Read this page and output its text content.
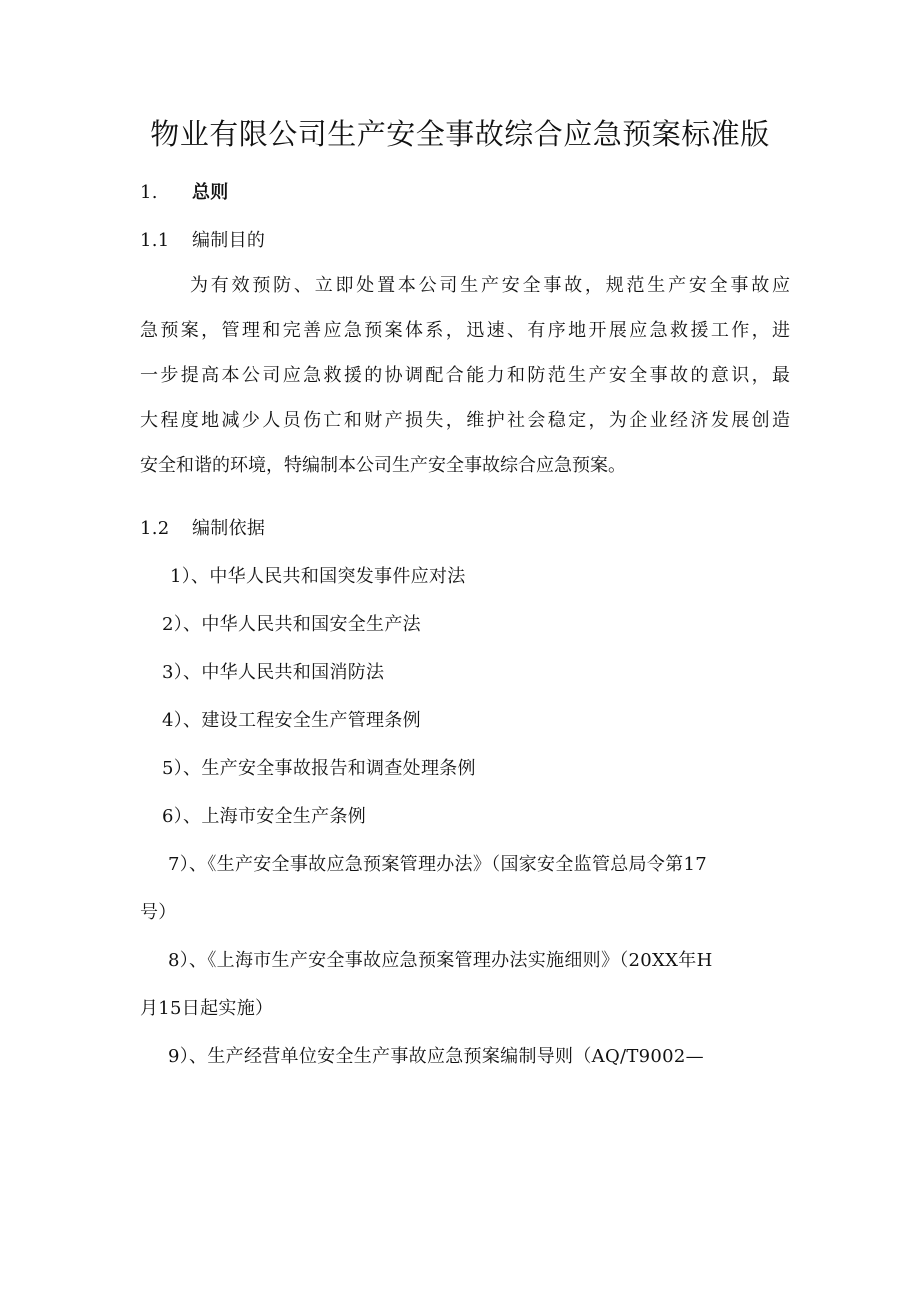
物业有限公司生产安全事故综合应急预案标准版
1. 总则
1.1 编制目的
为有效预防、立即处置本公司生产安全事故，规范生产安全事故应
急预案，管理和完善应急预案体系，迅速、有序地开展应急救援工作，进
一步提高本公司应急救援的协调配合能力和防范生产安全事故的意识，最
大程度地减少人员伤亡和财产损失，维护社会稳定，为企业经济发展创造
安全和谐的环境，特编制本公司生产安全事故综合应急预案。
1.2 编制依据
1）、中华人民共和国突发事件应对法
2）、中华人民共和国安全生产法
3）、中华人民共和国消防法
4）、建设工程安全生产管理条例
5）、生产安全事故报告和调查处理条例
6）、上海市安全生产条例
7）、《生产安全事故应急预案管理办法》（国家安全监管总局令第17
号）
8）、《上海市生产安全事故应急预案管理办法实施细则》（20XX年H
月15日起实施）
9）、生产经营单位安全生产事故应急预案编制导则（AQ/T9002—
